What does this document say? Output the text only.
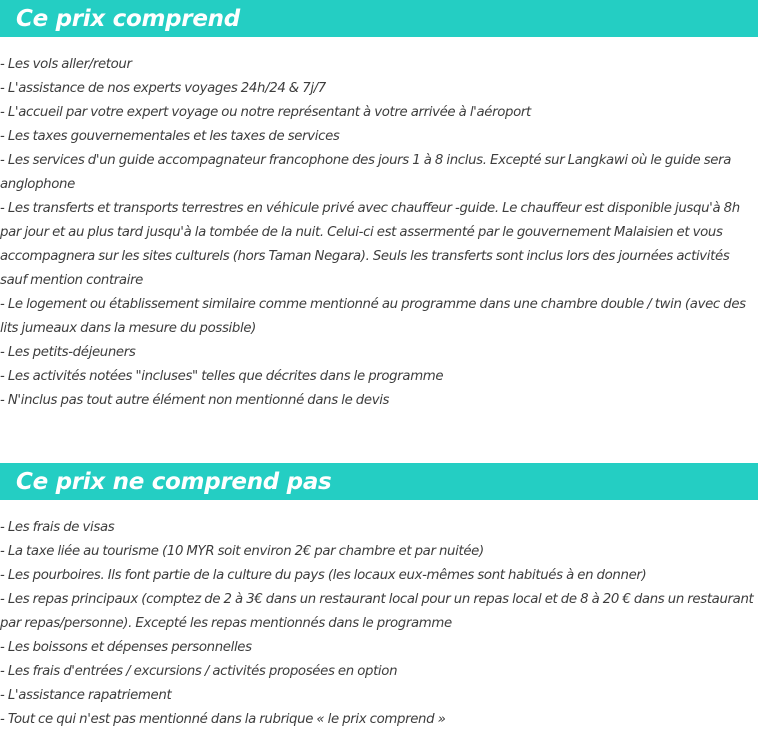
Ce prix comprend
- Les vols aller/retour
- L'assistance de nos experts voyages 24h/24 & 7j/7
- L'accueil par votre expert voyage ou notre représentant à votre arrivée à l'aéroport
- Les taxes gouvernementales et les taxes de services
- Les services d'un guide accompagnateur francophone des jours 1 à 8 inclus. Excepté sur Langkawi où le guide sera anglophone
- Les transferts et transports terrestres en véhicule privé avec chauffeur -guide. Le chauffeur est disponible jusqu'à 8h par jour et au plus tard jusqu'à la tombée de la nuit. Celui-ci est assermenté par le gouvernement Malaisien et vous accompagnera sur les sites culturels (hors Taman Negara). Seuls les transferts sont inclus lors des journées activités sauf mention contraire
- Le logement ou établissement similaire comme mentionné au programme dans une chambre double / twin (avec des lits jumeaux dans la mesure du possible)
- Les petits-déjeuners
- Les activités notées "incluses" telles que décrites dans le programme
- N'inclus pas tout autre élément non mentionné dans le devis
Ce prix ne comprend pas
- Les frais de visas
- La taxe liée au tourisme (10 MYR soit environ 2€ par chambre et par nuitée)
- Les pourboires. Ils font partie de la culture du pays (les locaux eux-mêmes sont habitués à en donner)
- Les repas principaux (comptez de 2 à 3€ dans un restaurant local pour un repas local et de 8 à 20 € dans un restaurant par repas/personne). Excepté les repas mentionnés dans le programme
- Les boissons et dépenses personnelles
- Les frais d'entrées / excursions / activités proposées en option
- L'assistance rapatriement
- Tout ce qui n'est pas mentionné dans la rubrique « le prix comprend »
